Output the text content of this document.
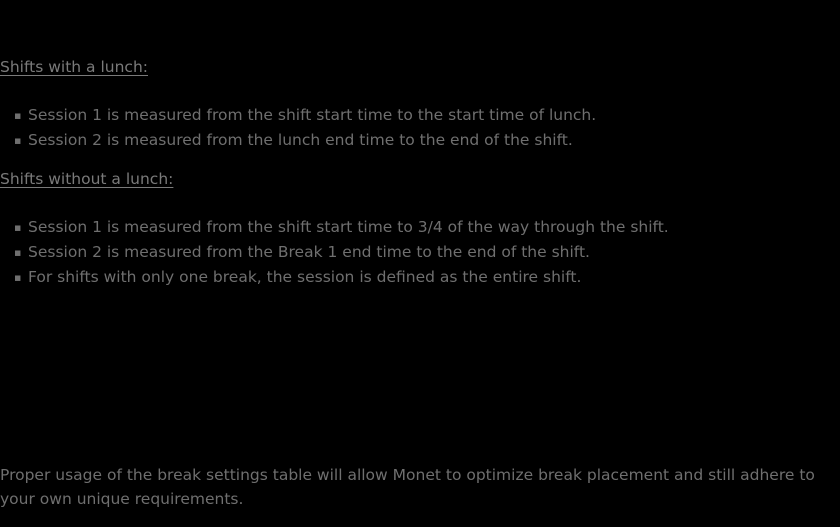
Shifts with a lunch:
▪ Session 1 is measured from the shift start time to the start time of lunch.
▪ Session 2 is measured from the lunch end time to the end of the shift.
Shifts without a lunch:
▪ Session 1 is measured from the shift start time to 3/4 of the way through the shift.
▪ Session 2 is measured from the Break 1 end time to the end of the shift.
▪ For shifts with only one break, the session is defined as the entire shift.
Proper usage of the break settings table will allow Monet to optimize break placement and still adhere to your own unique requirements.
